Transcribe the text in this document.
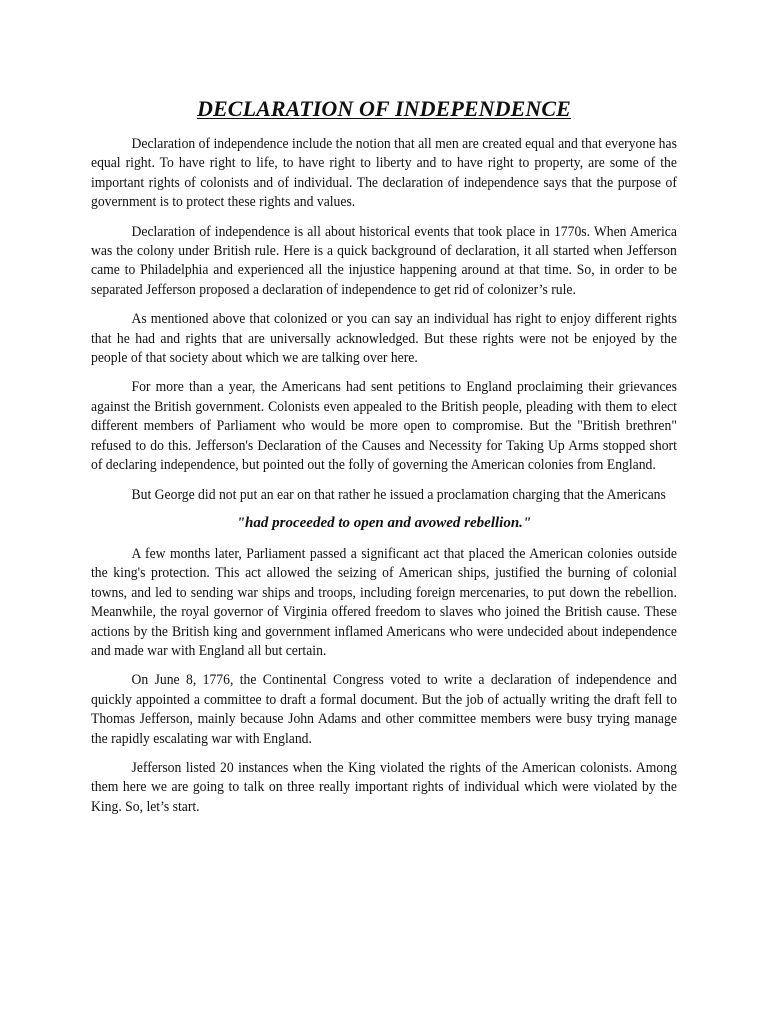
DECLARATION OF INDEPENDENCE

Declaration of independence include the notion that all men are created equal and that everyone has equal right. To have right to life, to have right to liberty and to have right to property, are some of the important rights of colonists and of individual. The declaration of independence says that the purpose of government is to protect these rights and values.

Declaration of independence is all about historical events that took place in 1770s. When America was the colony under British rule. Here is a quick background of declaration, it all started when Jefferson came to Philadelphia and experienced all the injustice happening around at that time. So, in order to be separated Jefferson proposed a declaration of independence to get rid of colonizer’s rule.

As mentioned above that colonized or you can say an individual has right to enjoy different rights that he had and rights that are universally acknowledged. But these rights were not be enjoyed by the people of that society about which we are talking over here.

For more than a year, the Americans had sent petitions to England proclaiming their grievances against the British government. Colonists even appealed to the British people, pleading with them to elect different members of Parliament who would be more open to compromise. But the "British brethren" refused to do this. Jefferson's Declaration of the Causes and Necessity for Taking Up Arms stopped short of declaring independence, but pointed out the folly of governing the American colonies from England.

But George did not put an ear on that rather he issued a proclamation charging that the Americans

"had proceeded to open and avowed rebellion."

A few months later, Parliament passed a significant act that placed the American colonies outside the king's protection. This act allowed the seizing of American ships, justified the burning of colonial towns, and led to sending war ships and troops, including foreign mercenaries, to put down the rebellion. Meanwhile, the royal governor of Virginia offered freedom to slaves who joined the British cause. These actions by the British king and government inflamed Americans who were undecided about independence and made war with England all but certain.

On June 8, 1776, the Continental Congress voted to write a declaration of independence and quickly appointed a committee to draft a formal document. But the job of actually writing the draft fell to Thomas Jefferson, mainly because John Adams and other committee members were busy trying manage the rapidly escalating war with England.

Jefferson listed 20 instances when the King violated the rights of the American colonists. Among them here we are going to talk on three really important rights of individual which were violated by the King. So, let’s start.
